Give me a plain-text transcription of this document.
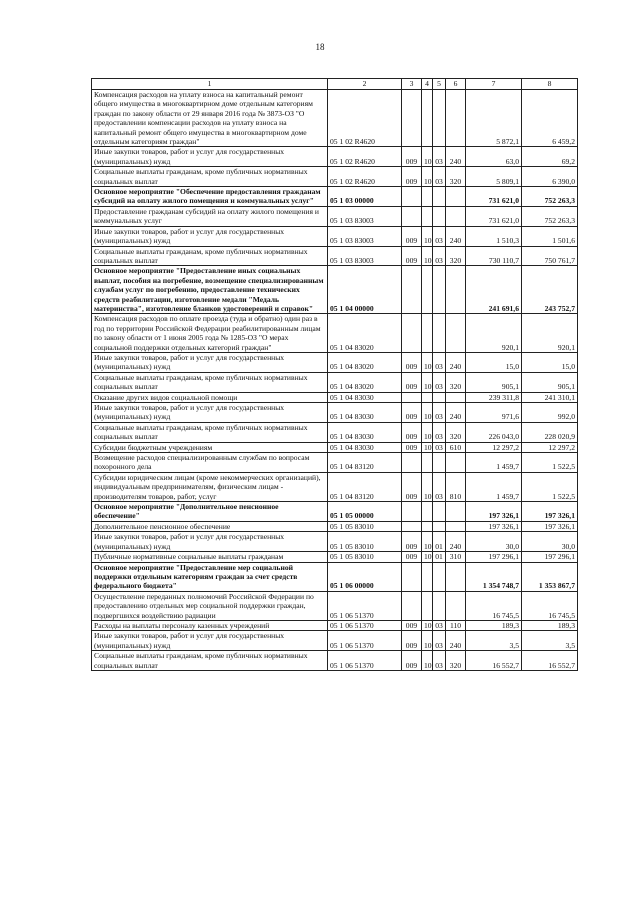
18
1	2	3	4	5	6	7	8
Компенсация расходов на уплату взноса на капитальный ремонт общего имущества в многоквартирном доме отдельным категориям граждан по закону области от 29 января 2016 года № 3873-ОЗ "О предоставлении компенсации расходов на уплату взноса на капитальный ремонт общего имущества в многоквартирном доме отдельным категориям граждан"	05 1 02 R4620					5 872,1	6 459,2
Иные закупки товаров, работ и услуг для государственных (муниципальных) нужд	05 1 02 R4620	009	10	03	240	63,0	69,2
Социальные выплаты гражданам, кроме публичных нормативных социальных выплат	05 1 02 R4620	009	10	03	320	5 809,1	6 390,0
Основное мероприятие "Обеспечение предоставления гражданам субсидий на оплату жилого помещения и коммунальных услуг"	05 1 03 00000					731 621,0	752 263,3
Предоставление гражданам субсидий на оплату жилого помещения и коммунальных услуг	05 1 03 83003					731 621,0	752 263,3
Иные закупки товаров, работ и услуг для государственных (муниципальных) нужд	05 1 03 83003	009	10	03	240	1 510,3	1 501,6
Социальные выплаты гражданам, кроме публичных нормативных социальных выплат	05 1 03 83003	009	10	03	320	730 110,7	750 761,7
Основное мероприятие "Предоставление иных социальных выплат, пособия на погребение, возмещение специализированным службам услуг по погребению, предоставление технических средств реабилитации, изготовление медали "Медаль материнства", изготовление бланков удостоверений и справок"	05 1 04 00000					241 691,6	243 752,7
Компенсация расходов по оплате проезда (туда и обратно) один раз в год по территории Российской Федерации реабилитированным лицам по закону области от 1 июня 2005 года № 1285-ОЗ "О мерах социальной поддержки отдельных категорий граждан"	05 1 04 83020					920,1	920,1
Иные закупки товаров, работ и услуг для государственных (муниципальных) нужд	05 1 04 83020	009	10	03	240	15,0	15,0
Социальные выплаты гражданам, кроме публичных нормативных социальных выплат	05 1 04 83020	009	10	03	320	905,1	905,1
Оказание других видов социальной помощи	05 1 04 83030					239 311,8	241 310,1
Иные закупки товаров, работ и услуг для государственных (муниципальных) нужд	05 1 04 83030	009	10	03	240	971,6	992,0
Социальные выплаты гражданам, кроме публичных нормативных социальных выплат	05 1 04 83030	009	10	03	320	226 043,0	228 020,9
Субсидии бюджетным учреждениям	05 1 04 83030	009	10	03	610	12 297,2	12 297,2
Возмещение расходов специализированным службам по вопросам похоронного дела	05 1 04 83120					1 459,7	1 522,5
Субсидии юридическим лицам (кроме некоммерческих организаций), индивидуальным предпринимателям, физическим лицам - производителям товаров, работ, услуг	05 1 04 83120	009	10	03	810	1 459,7	1 522,5
Основное мероприятие "Дополнительное пенсионное обеспечение"	05 1 05 00000					197 326,1	197 326,1
Дополнительное пенсионное обеспечение	05 1 05 83010					197 326,1	197 326,1
Иные закупки товаров, работ и услуг для государственных (муниципальных) нужд	05 1 05 83010	009	10	01	240	30,0	30,0
Публичные нормативные социальные выплаты гражданам	05 1 05 83010	009	10	01	310	197 296,1	197 296,1
Основное мероприятие "Предоставление мер социальной поддержки отдельным категориям граждан за счет средств федерального бюджета"	05 1 06 00000					1 354 748,7	1 353 867,7
Осуществление переданных полномочий Российской Федерации по предоставлению отдельных мер социальной поддержки граждан, подвергшихся воздействию радиации	05 1 06 51370					16 745,5	16 745,5
Расходы на выплаты персоналу казенных учреждений	05 1 06 51370	009	10	03	110	189,3	189,3
Иные закупки товаров, работ и услуг для государственных (муниципальных) нужд	05 1 06 51370	009	10	03	240	3,5	3,5
Социальные выплаты гражданам, кроме публичных нормативных социальных выплат	05 1 06 51370	009	10	03	320	16 552,7	16 552,7
